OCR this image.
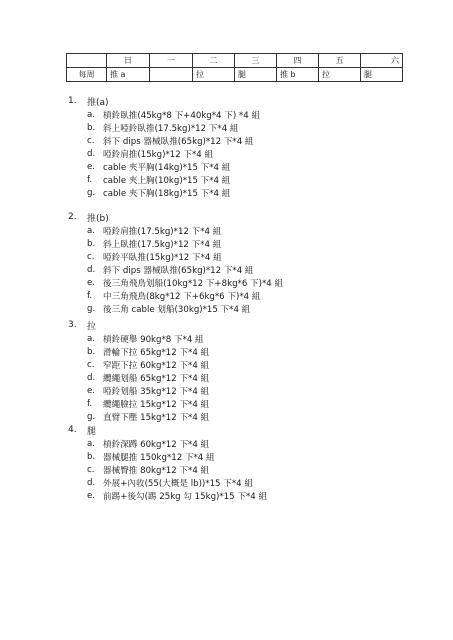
	日	一	二	三	四	五	六
每周	推 a		拉	腿	推 b	拉	腿
1.	推(a)
a. 槓鈴臥推(45kg*8 下+40kg*4 下) *4 組
b. 斜上啞鈴臥推(17.5kg)*12 下*4 組
c. 斜下 dips 器械臥推(65kg)*12 下*4 組
d. 啞鈴肩推(15kg)*12 下*4 組
e. cable 夾平胸(14kg)*15 下*4 組
f.	cable 夾上胸(10kg)*15 下*4 組
g. cable 夾下胸(18kg)*15 下*4 組
2.	推(b)
a. 啞鈴肩推(17.5kg)*12 下*4 組
b. 斜上臥推(17.5kg)*12 下*4 組
c. 啞鈴平臥推(15kg)*12 下*4 組
d. 斜下 dips 器械臥推(65kg)*12 下*4 組
e. 後三角飛鳥划船(10kg*12 下+8kg*6 下)*4 組
f.	中三角飛鳥(8kg*12 下+6kg*6 下)*4 組
g. 後三角 cable 划船(30kg)*15 下*4 組
3.	拉
a. 槓鈴硬舉 90kg*8 下*4 組
b. 滑輪下拉 65kg*12 下*4 組
c. 窄距下拉 60kg*12 下*4 組
d. 纜繩划船 65kg*12 下*4 組
e. 啞鈴划船 35kg*12 下*4 組
f.	纜繩臉拉 15kg*12 下*4 組
g. 直臂下壓 15kg*12 下*4 組
4.	腿
a. 槓鈴深蹲 60kg*12 下*4 組
b. 器械腿推 150kg*12 下*4 組
c. 器械臀推 80kg*12 下*4 組
d. 外展+內收(55(大概是 lb))*15 下*4 組
e. 前踢+後勾(踢 25kg 勾 15kg)*15 下*4 組
